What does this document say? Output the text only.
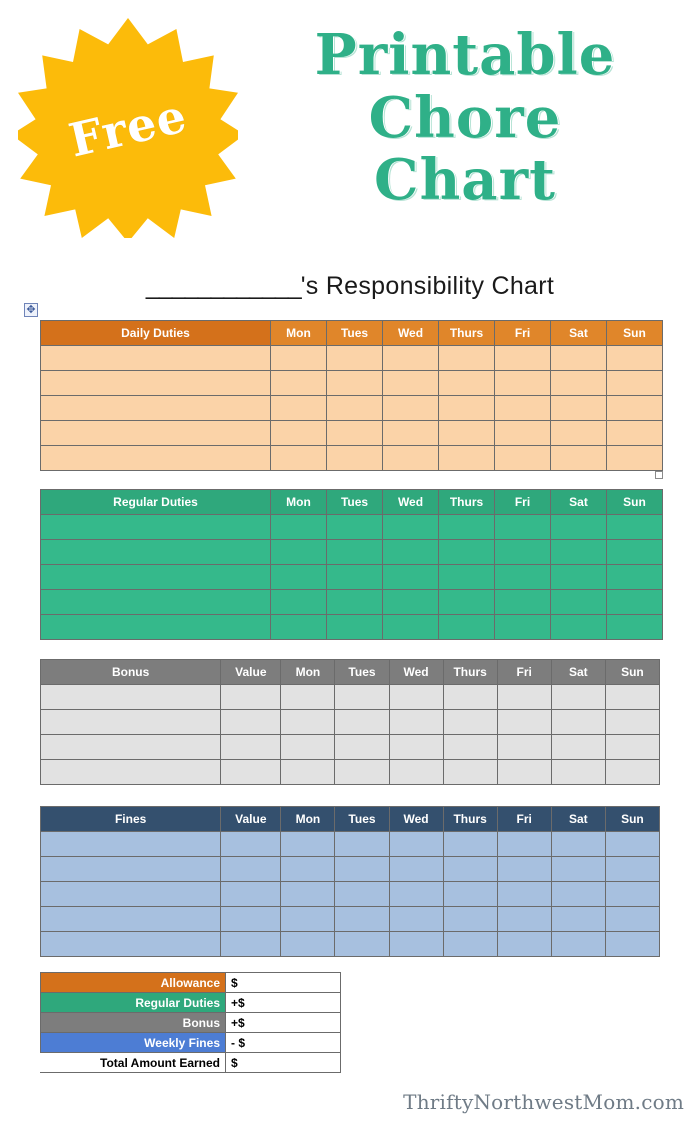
Free
Printable
Chore
Chart
____________'s Responsibility Chart
✥
Daily Duties	Mon	Tues	Wed	Thurs	Fri	Sat	Sun

Regular Duties	Mon	Tues	Wed	Thurs	Fri	Sat	Sun

Bonus	Value	Mon	Tues	Wed	Thurs	Fri	Sat	Sun

Fines	Value	Mon	Tues	Wed	Thurs	Fri	Sat	Sun

Allowance	$
Regular Duties	+$
Bonus	+$
Weekly Fines	- $
Total Amount Earned	$
ThriftyNorthwestMom.com
